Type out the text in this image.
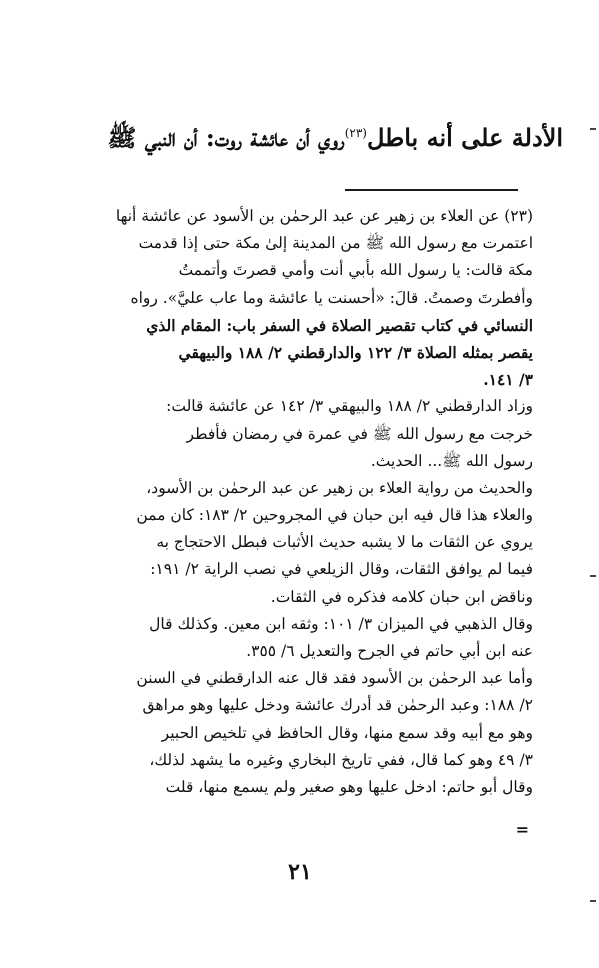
الأدلة على أنه باطل$^{(٢٣)}$روي أن عائشة روت: أن النبي ﷺ
(٢٣) عن العلاء بن زهير عن عبد الرحمٰن بن الأسود عن عائشة أنها
اعتمرت مع رسول الله ﷺ من المدينة إلىٰ مكة حتى إذا قدمت
مكة قالت: يا رسول الله بأبي أنت وأمي قصرتَ وأتممتُ
وأفطرتَ وصمتُ. قالَ: «أحسنت يا عائشة وما عاب عليَّ». رواه
النسائي في كتاب تقصير الصلاة في السفر باب: المقام الذي
يقصر بمثله الصلاة ٣/ ١٢٢ والدارقطني ٢/ ١٨٨ والبيهقي
٣/ ١٤١.
وزاد الدارقطني ٢/ ١٨٨ والبيهقي ٣/ ١٤٢ عن عائشة قالت:
خرجت مع رسول الله ﷺ في عمرة في رمضان فأفطر
رسول الله ﷺ... الحديث.
والحديث من رواية العلاء بن زهير عن عبد الرحمٰن بن الأسود،
والعلاء هذا قال فيه ابن حبان في المجروحين ٢/ ١٨٣: كان ممن
يروي عن الثقات ما لا يشبه حديث الأثبات فبطل الاحتجاج به
فيما لم يوافق الثقات، وقال الزيلعي في نصب الراية ٢/ ١٩١:
وناقض ابن حبان كلامه فذكره في الثقات.
وقال الذهبي في الميزان ٣/ ١٠١: وثقه ابن معين. وكذلك قال
عنه ابن أبي حاتم في الجرح والتعديل ٦/ ٣٥٥.
وأما عبد الرحمٰن بن الأسود فقد قال عنه الدارقطني في السنن
٢/ ١٨٨: وعبد الرحمٰن قد أدرك عائشة ودخل عليها وهو مراهق
وهو مع أبيه وقد سمع منها، وقال الحافظ في تلخيص الحبير
٣/ ٤٩ وهو كما قال، ففي تاريخ البخاري وغيره ما يشهد لذلك،
وقال أبو حاتم: ادخل عليها وهو صغير ولم يسمع منها، قلت
=
٢١
